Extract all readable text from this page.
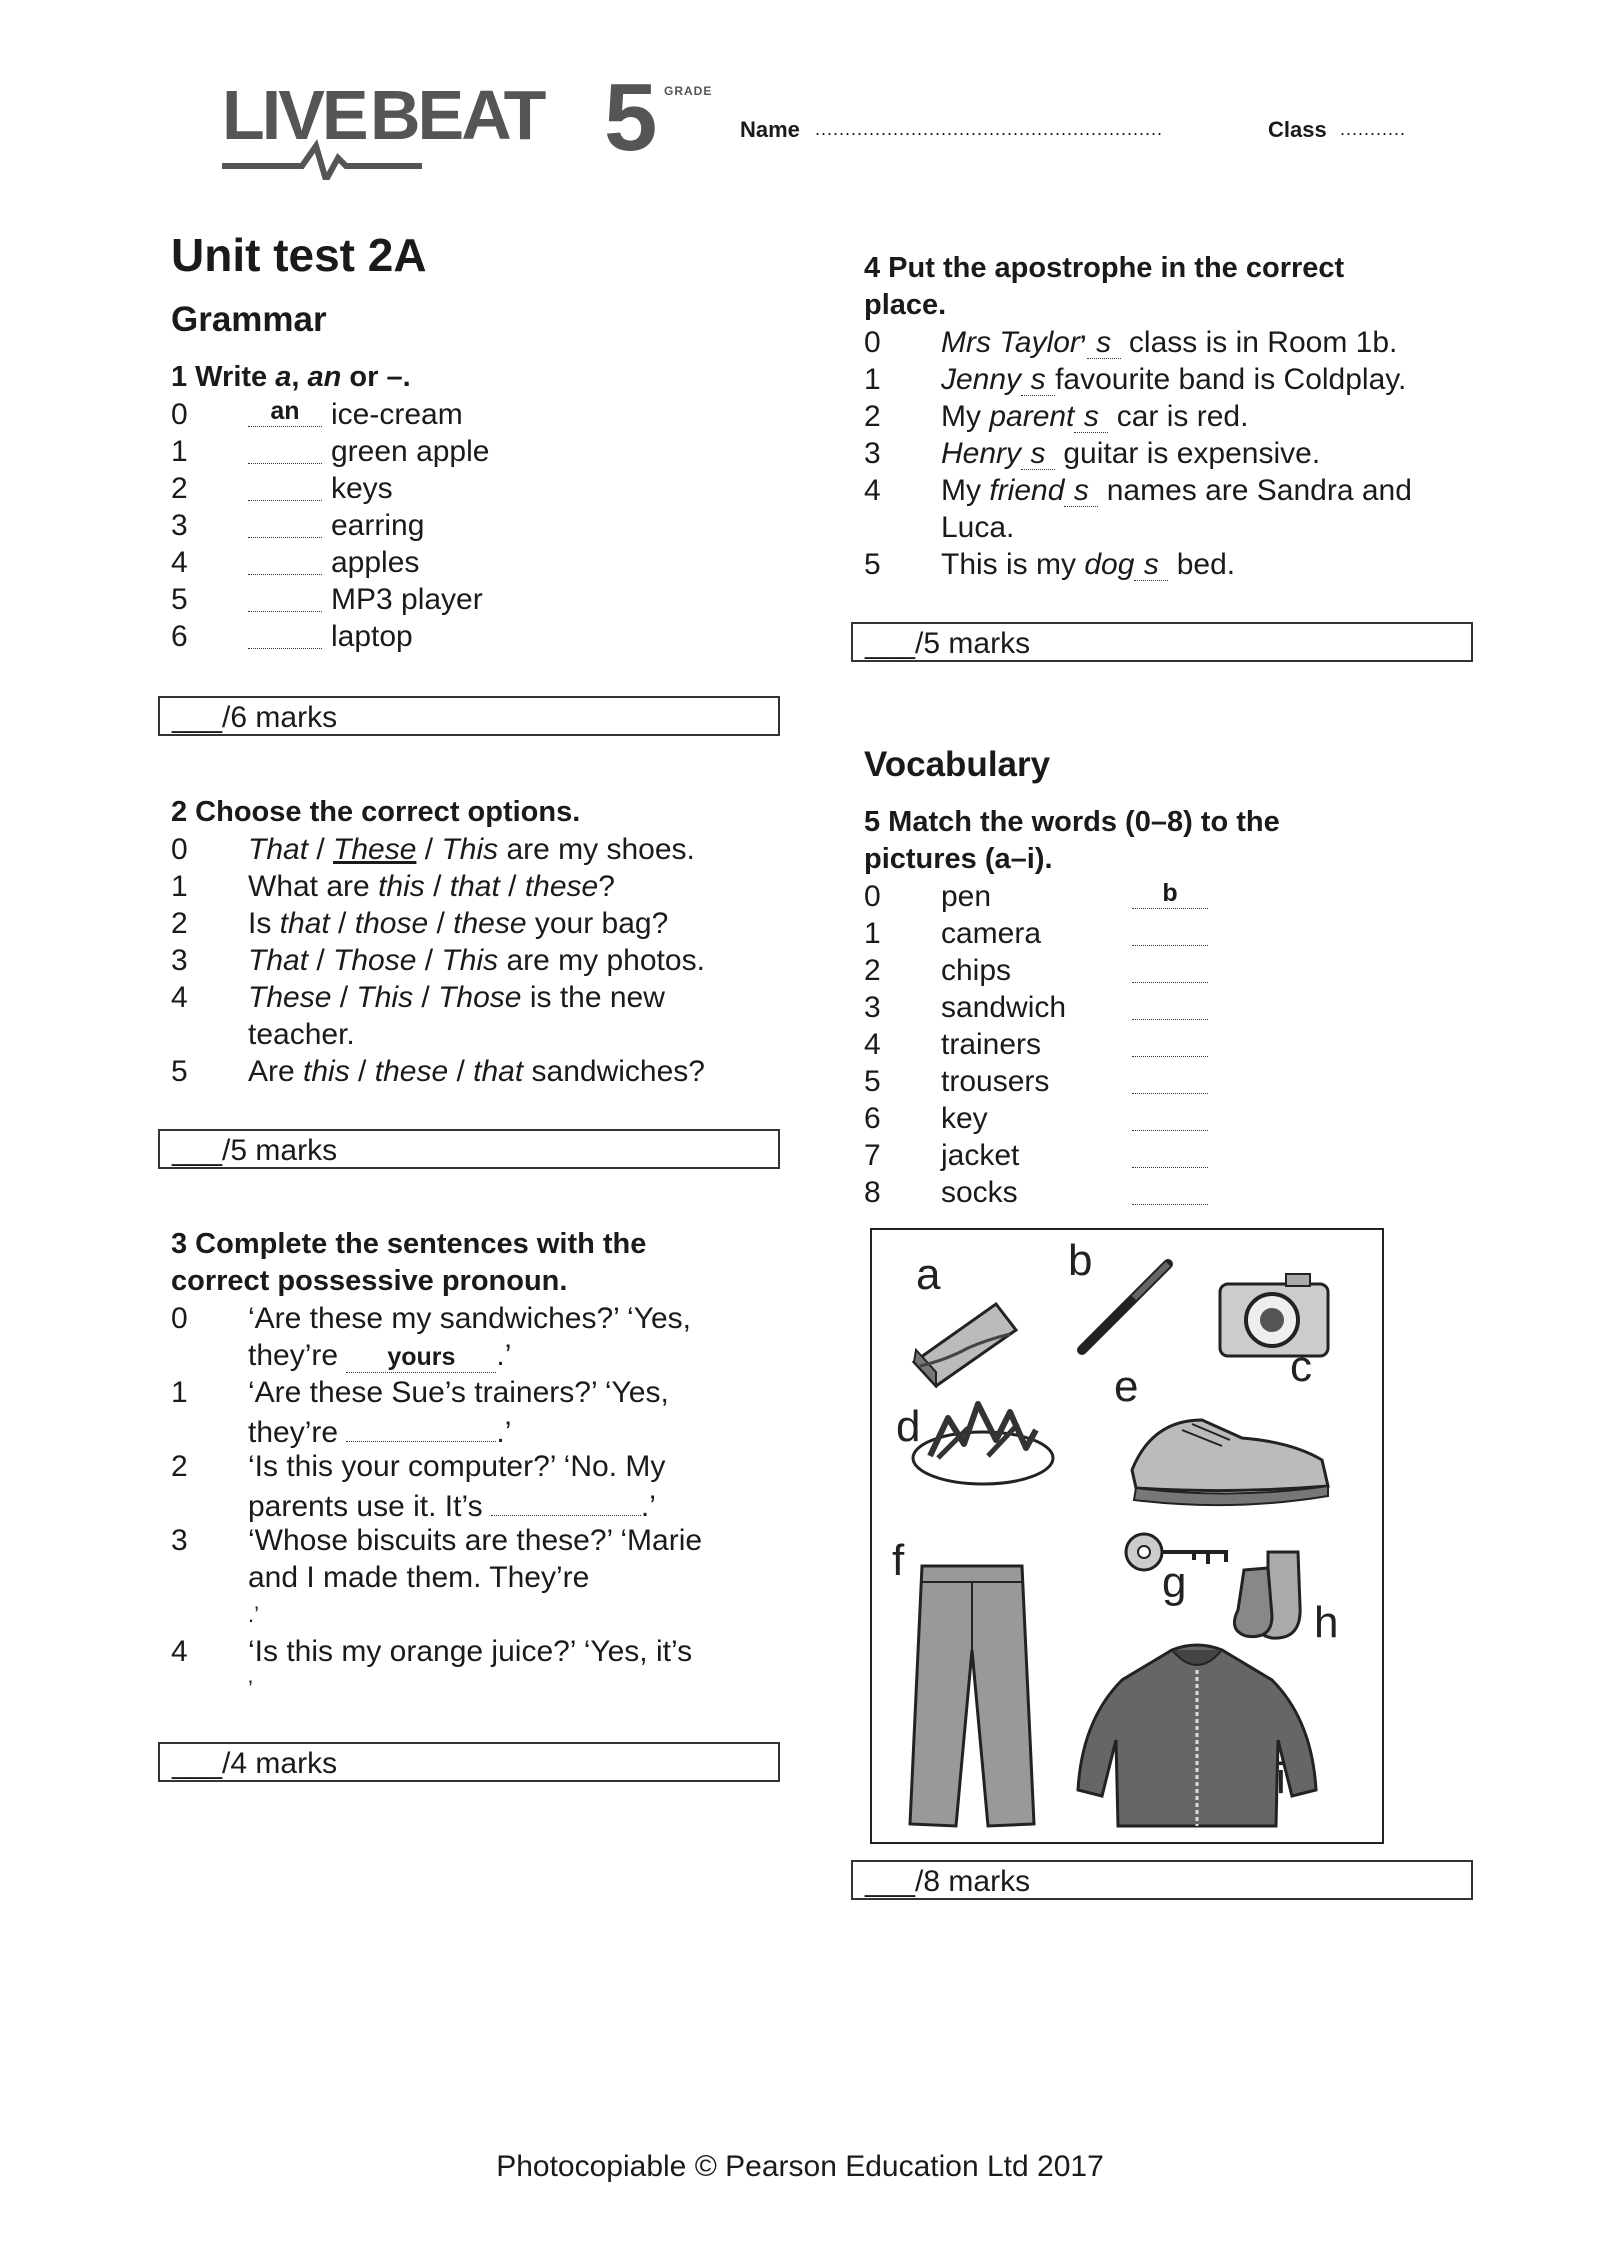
LIVE BEAT 5 GRADE
Name ..........................................................	Class ...........
Unit test 2A
Grammar
1 Write a, an or –.
0	an	ice-cream
1	green apple
2	keys
3	earring
4	apples
5	MP3 player
6	laptop
___/6 marks
2 Choose the correct options.
0 That / These / This are my shoes.
1 What are this / that / these?
2 Is that / those / these your bag?
3 That / Those / This are my photos.
4 These / This / Those is the new
teacher.
5 Are this / these / that sandwiches?
___/5 marks
3 Complete the sentences with the
correct possessive pronoun.
0 ‘Are these my sandwiches?’ ‘Yes,
they’re yours .’
1 ‘Are these Sue’s trainers?’ ‘Yes,
they’re	.’
2 ‘Is this your computer?’ ‘No. My
parents use it. It’s	.’
3 ‘Whose biscuits are these?’ ‘Marie
and I made them. They’re
.’
4 ‘Is this my orange juice?’ ‘Yes, it’s
’
___/4 marks
4 Put the apostrophe in the correct
place.
0 Mrs Taylor’ s class is in Room 1b.
1 Jenny s favourite band is Coldplay.
2 My parent s car is red.
3 Henry s guitar is expensive.
4 My friend s names are Sandra and
Luca.
5 This is my dog s bed.
___/5 marks
Vocabulary
5 Match the words (0–8) to the
pictures (a–i).
0 pen	b
1 camera
2 chips
3 sandwich
4 trainers
5 trousers
6 key
7 jacket
8 socks
a	b
c
d
e
f	g
h
i
___/8 marks
Photocopiable © Pearson Education Ltd 2017
